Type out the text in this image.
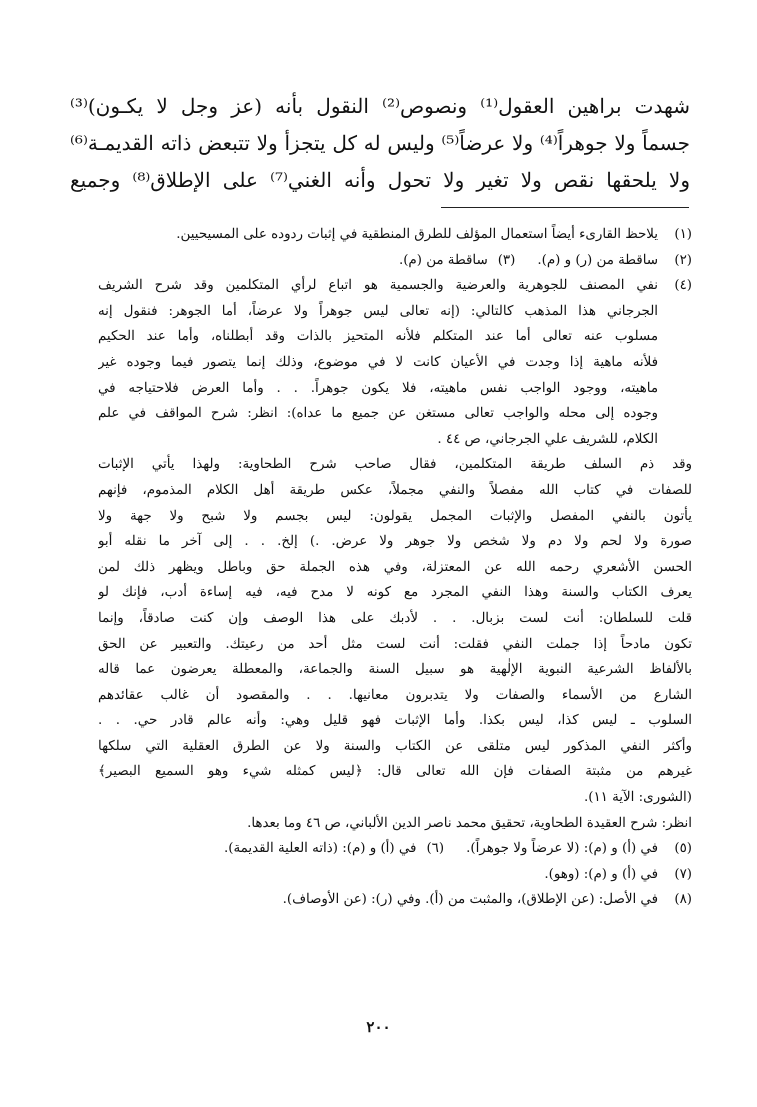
شهدت براهين العقول⁽¹⁾ ونصوص⁽²⁾ النقول بأنه (عز وجل لا يكـون)⁽³⁾
جسماً ولا جوهراً⁽⁴⁾ ولا عرضاً⁽⁵⁾ وليس له كل يتجزأ ولا تتبعض ذاته القديمـة⁽⁶⁾
ولا يلحقها نقص ولا تغير ولا تحول وأنه الغني⁽⁷⁾ على الإطلاق⁽⁸⁾ وجميع
(١)
يلاحظ القارىء أيضاً استعمال المؤلف للطرق المنطقية في إثبات ردوده على المسيحيين.
(٢)
ساقطة من (ر) و (م).
(٣)
ساقطة من (م).
(٤)
نفي المصنف للجوهرية والعرضية والجسمية هو اتباع لرأي المتكلمين وقد شرح الشريف
الجرجاني هذا المذهب كالتالي: (إنه تعالى ليس جوهراً ولا عرضاً، أما الجوهر: فنقول إنه
مسلوب عنه تعالى أما عند المتكلم فلأنه المتحيز بالذات وقد أبطلناه، وأما عند الحكيم
فلأنه ماهية إذا وجدت في الأعيان كانت لا في موضوع، وذلك إنما يتصور فيما وجوده غير
ماهيته، ووجود الواجب نفس ماهيته، فلا يكون جوهراً. . . وأما العرض فلاحتياجه في
وجوده إلى محله والواجب تعالى مستغن عن جميع ما عداه): انظر: شرح المواقف في علم
الكلام، للشريف علي الجرجاني، ص ٤٤ .
وقد ذم السلف طريقة المتكلمين، فقال صاحب شرح الطحاوية: ولهذا يأتي الإثبات
للصفات في كتاب الله مفصلاً والنفي مجملاً، عكس طريقة أهل الكلام المذموم، فإنهم
يأتون بالنفي المفصل والإثبات المجمل يقولون: ليس بجسم ولا شبح ولا جهة ولا
صورة ولا لحم ولا دم ولا شخص ولا جوهر ولا عرض. .) إلخ. . . إلى آخر ما نقله أبو
الحسن الأشعري رحمه الله عن المعتزلة، وفي هذه الجملة حق وباطل ويظهر ذلك لمن
يعرف الكتاب والسنة وهذا النفي المجرد مع كونه لا مدح فيه، فيه إساءة أدب، فإنك لو
قلت للسلطان: أنت لست بزبال. . . لأدبك على هذا الوصف وإن كنت صادقاً، وإنما
تكون مادحاً إذا جملت النفي فقلت: أنت لست مثل أحد من رعيتك. والتعبير عن الحق
بالألفاظ الشرعية النبوية الإلٰهية هو سبيل السنة والجماعة، والمعطلة يعرضون عما قاله
الشارع من الأسماء والصفات ولا يتدبرون معانيها. . . والمقصود أن غالب عقائدهم
السلوب ـ ليس كذا، ليس بكذا. وأما الإثبات فهو قليل وهي: وأنه عالم قادر حي. . .
وأكثر النفي المذكور ليس متلقى عن الكتاب والسنة ولا عن الطرق العقلية التي سلكها
غيرهم من مثبتة الصفات فإن الله تعالى قال: ﴿ليس كمثله شيء وهو السميع البصير﴾
(الشورى: الآية ١١).
انظر: شرح العقيدة الطحاوية، تحقيق محمد ناصر الدين الألباني، ص ٤٦ وما بعدها.
(٥)
في (أ) و (م): (لا عرضاً ولا جوهراً).
(٦)
في (أ) و (م): (ذاته العلية القديمة).
(٧)
في (أ) و (م): (وهو).
(٨)
في الأصل: (عن الإطلاق)، والمثبت من (أ). وفي (ر): (عن الأوصاف).
٢٠٠
